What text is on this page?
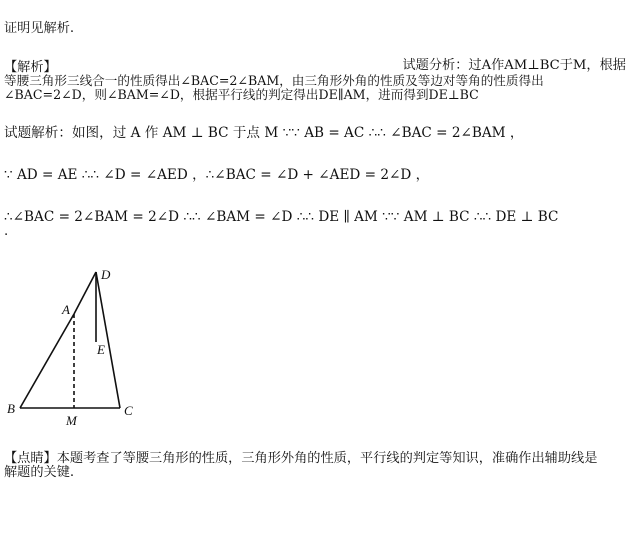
证明见解析.
【解析】	试题分析：过A作AM⊥BC于M，根据
等腰三角形三线合一的性质得出∠BAC=2∠BAM，由三角形外角的性质及等边对等角的性质得出
∠BAC=2∠D，则∠BAM=∠D，根据平行线的判定得出DE∥AM，进而得到DE⊥BC
试题解析：如图，过 A 作 AM ⊥ BC 于点 M ∵∵ AB = AC ∴∴ ∠BAC = 2∠BAM ，
∵ AD = AE ∴∴ ∠D = ∠AED ，∴∠BAC = ∠D + ∠AED = 2∠D ，
∴∠BAC = 2∠BAM = 2∠D ∴∴ ∠BAM = ∠D ∴∴ DE ∥ AM ∵∵ AM ⊥ BC ∴∴ DE ⊥ BC
.
D
A
E
B
M
C
【点睛】本题考查了等腰三角形的性质，三角形外角的性质，平行线的判定等知识，准确作出辅助线是
解题的关键.
